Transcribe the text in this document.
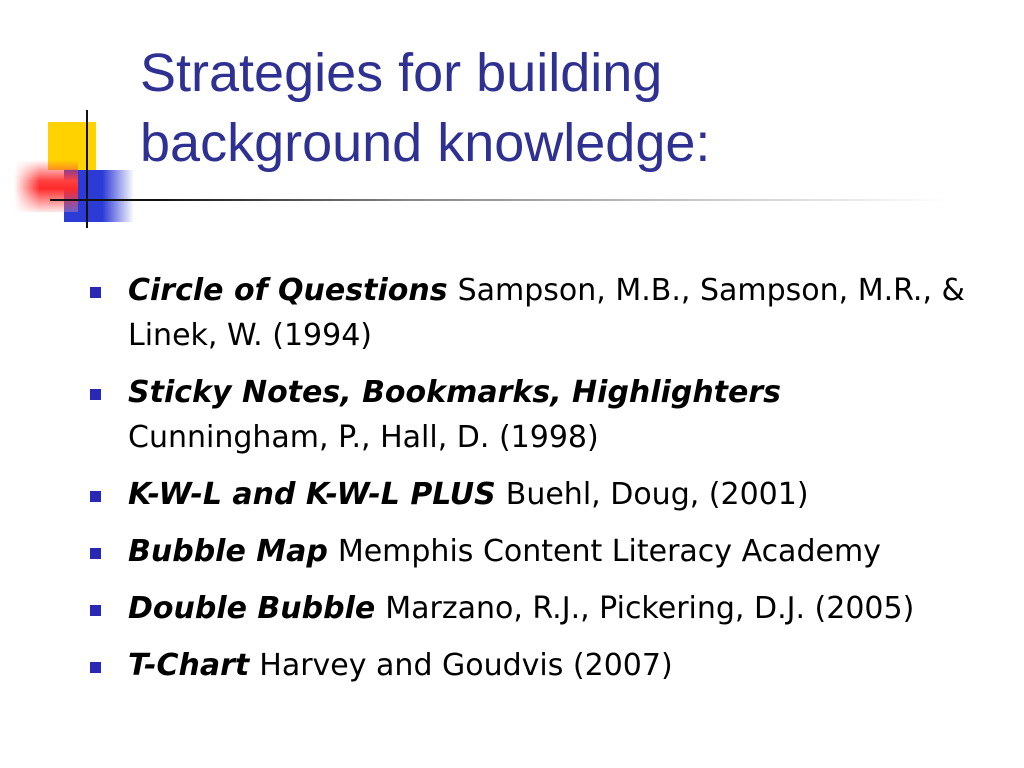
Strategies for building
background knowledge:
Circle of Questions Sampson, M.B., Sampson, M.R., & Linek, W. (1994)
Sticky Notes, Bookmarks, Highlighters
Cunningham, P., Hall, D. (1998)
K-W-L and K-W-L PLUS Buehl, Doug, (2001)
Bubble Map Memphis Content Literacy Academy
Double Bubble Marzano, R.J., Pickering, D.J. (2005)
T-Chart Harvey and Goudvis (2007)
